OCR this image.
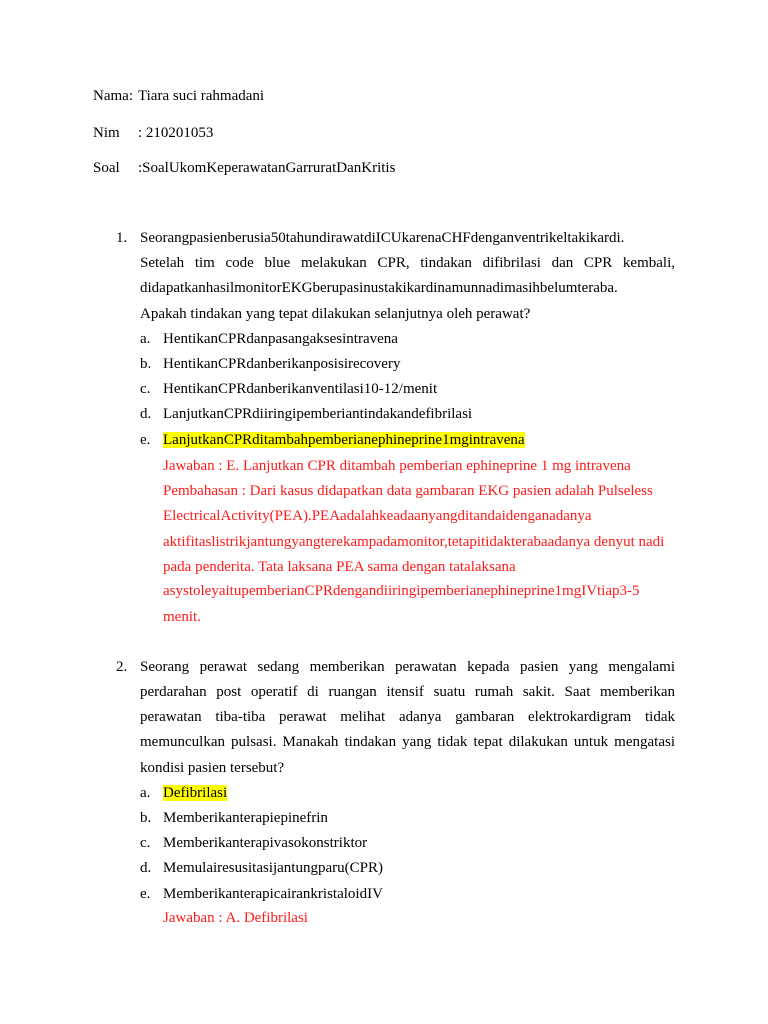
Nama: Tiara suci rahmadani
Nim : 210201053
Soal :SoalUkomKeperawatanGarruratDanKritis
1. Seorangpasienberusia50tahundirawatdiICUkarenaCHFdenganventrikeltakikardi.
Setelah tim code blue melakukan CPR, tindakan difibrilasi dan CPR kembali,
didapatkanhasilmonitorEKGberupasinustakikardinamunnadimasihbelumteraba.
Apakah tindakan yang tepat dilakukan selanjutnya oleh perawat?
a. HentikanCPRdanpasangaksesintravena
b. HentikanCPRdanberikanposisirecovery
c. HentikanCPRdanberikanventilasi10-12/menit
d. LanjutkanCPRdiiringipemberiantindakandefibrilasi
e. LanjutkanCPRditambahpemberianephineprine1mgintravena
Jawaban : E. Lanjutkan CPR ditambah pemberian ephineprine 1 mg intravena
Pembahasan : Dari kasus didapatkan data gambaran EKG pasien adalah Pulseless
ElectricalActivity(PEA).PEAadalahkeadaanyangditandaidenganadanya
aktifitaslistrikjantungyangterekampadamonitor,tetapitidakterabaadanya denyut nadi
pada penderita. Tata laksana PEA sama dengan tatalaksana
asystoleyaitupemberianCPRdengandiiringipemberianephineprine1mgIVtiap3-5
menit.
2. Seorang perawat sedang memberikan perawatan kepada pasien yang mengalami
perdarahan post operatif di ruangan itensif suatu rumah sakit. Saat memberikan
perawatan tiba-tiba perawat melihat adanya gambaran elektrokardigram tidak
memunculkan pulsasi. Manakah tindakan yang tidak tepat dilakukan untuk mengatasi
kondisi pasien tersebut?
a. Defibrilasi
b. Memberikanterapiepinefrin
c. Memberikanterapivasokonstriktor
d. Memulairesusitasijantungparu(CPR)
e. MemberikanterapicairankristaloidIV
Jawaban : A. Defibrilasi
